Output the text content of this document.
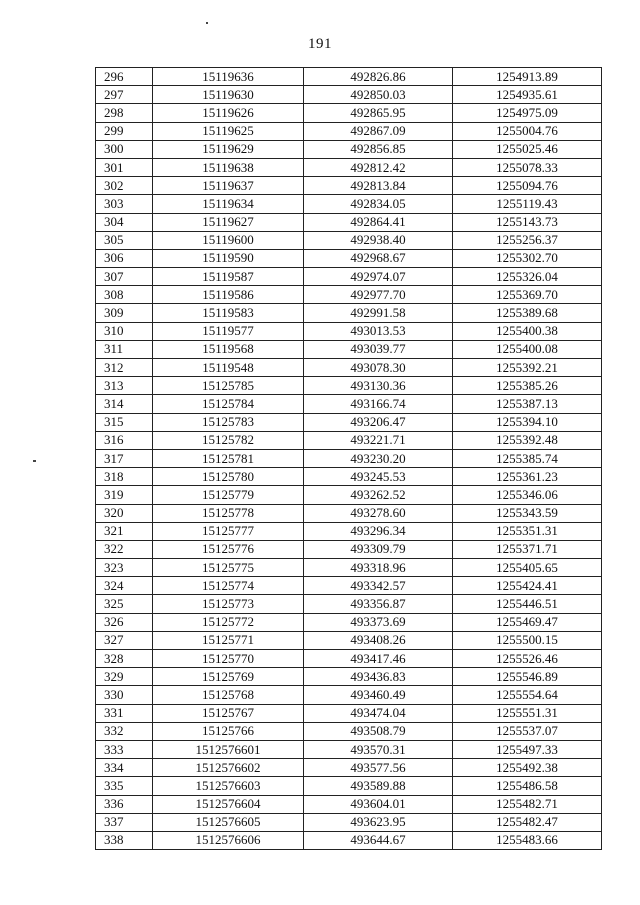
191
296	15119636	492826.86	1254913.89
297	15119630	492850.03	1254935.61
298	15119626	492865.95	1254975.09
299	15119625	492867.09	1255004.76
300	15119629	492856.85	1255025.46
301	15119638	492812.42	1255078.33
302	15119637	492813.84	1255094.76
303	15119634	492834.05	1255119.43
304	15119627	492864.41	1255143.73
305	15119600	492938.40	1255256.37
306	15119590	492968.67	1255302.70
307	15119587	492974.07	1255326.04
308	15119586	492977.70	1255369.70
309	15119583	492991.58	1255389.68
310	15119577	493013.53	1255400.38
311	15119568	493039.77	1255400.08
312	15119548	493078.30	1255392.21
313	15125785	493130.36	1255385.26
314	15125784	493166.74	1255387.13
315	15125783	493206.47	1255394.10
316	15125782	493221.71	1255392.48
317	15125781	493230.20	1255385.74
318	15125780	493245.53	1255361.23
319	15125779	493262.52	1255346.06
320	15125778	493278.60	1255343.59
321	15125777	493296.34	1255351.31
322	15125776	493309.79	1255371.71
323	15125775	493318.96	1255405.65
324	15125774	493342.57	1255424.41
325	15125773	493356.87	1255446.51
326	15125772	493373.69	1255469.47
327	15125771	493408.26	1255500.15
328	15125770	493417.46	1255526.46
329	15125769	493436.83	1255546.89
330	15125768	493460.49	1255554.64
331	15125767	493474.04	1255551.31
332	15125766	493508.79	1255537.07
333	1512576601	493570.31	1255497.33
334	1512576602	493577.56	1255492.38
335	1512576603	493589.88	1255486.58
336	1512576604	493604.01	1255482.71
337	1512576605	493623.95	1255482.47
338	1512576606	493644.67	1255483.66
